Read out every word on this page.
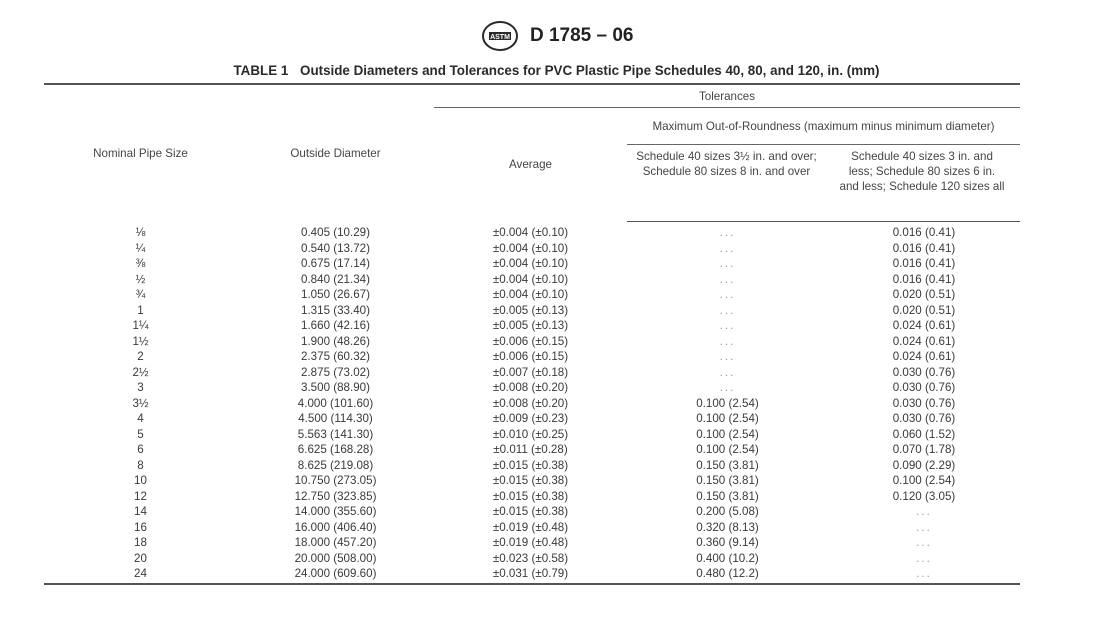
ASTM D 1785 – 06
TABLE 1 Outside Diameters and Tolerances for PVC Plastic Pipe Schedules 40, 80, and 120, in. (mm)
Nominal Pipe Size	Outside Diameter	Tolerances		
		Average	Maximum Out-of-Roundness (maximum minus minimum diameter)	
			Schedule 40 sizes 3½ in. and over; Schedule 80 sizes 8 in. and over	Schedule 40 sizes 3 in. and less; Schedule 80 sizes 6 in. and less; Schedule 120 sizes all
⅛	0.405 (10.29)	±0.004 (±0.10)	...	0.016 (0.41)
¼	0.540 (13.72)	±0.004 (±0.10)	...	0.016 (0.41)
⅜	0.675 (17.14)	±0.004 (±0.10)	...	0.016 (0.41)
½	0.840 (21.34)	±0.004 (±0.10)	...	0.016 (0.41)
¾	1.050 (26.67)	±0.004 (±0.10)	...	0.020 (0.51)
1	1.315 (33.40)	±0.005 (±0.13)	...	0.020 (0.51)
1¼	1.660 (42.16)	±0.005 (±0.13)	...	0.024 (0.61)
1½	1.900 (48.26)	±0.006 (±0.15)	...	0.024 (0.61)
2	2.375 (60.32)	±0.006 (±0.15)	...	0.024 (0.61)
2½	2.875 (73.02)	±0.007 (±0.18)	...	0.030 (0.76)
3	3.500 (88.90)	±0.008 (±0.20)	...	0.030 (0.76)
3½	4.000 (101.60)	±0.008 (±0.20)	0.100 (2.54)	0.030 (0.76)
4	4.500 (114.30)	±0.009 (±0.23)	0.100 (2.54)	0.030 (0.76)
5	5.563 (141.30)	±0.010 (±0.25)	0.100 (2.54)	0.060 (1.52)
6	6.625 (168.28)	±0.011 (±0.28)	0.100 (2.54)	0.070 (1.78)
8	8.625 (219.08)	±0.015 (±0.38)	0.150 (3.81)	0.090 (2.29)
10	10.750 (273.05)	±0.015 (±0.38)	0.150 (3.81)	0.100 (2.54)
12	12.750 (323.85)	±0.015 (±0.38)	0.150 (3.81)	0.120 (3.05)
14	14.000 (355.60)	±0.015 (±0.38)	0.200 (5.08)	...
16	16.000 (406.40)	±0.019 (±0.48)	0.320 (8.13)	...
18	18.000 (457.20)	±0.019 (±0.48)	0.360 (9.14)	...
20	20.000 (508.00)	±0.023 (±0.58)	0.400 (10.2)	...
24	24.000 (609.60)	±0.031 (±0.79)	0.480 (12.2)	...
